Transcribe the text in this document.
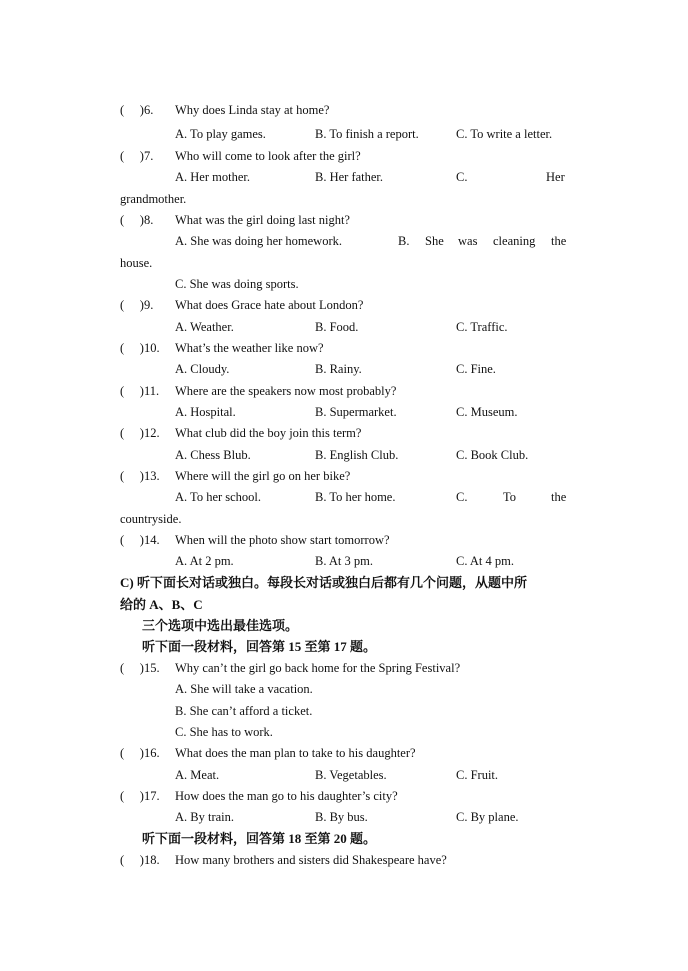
(  )6. Why does Linda stay at home?
A. To play games.	B. To finish a report.	C. To write a letter.
(  )7. Who will come to look after the girl?
A. Her mother.	B. Her father.	C.	Her
grandmother.
(  )8. What was the girl doing last night?
A. She was doing her homework.	B. She was cleaning the
house.
C. She was doing sports.
(  )9. What does Grace hate about London?
A. Weather.	B. Food.	C. Traffic.
(  )10. What’s the weather like now?
A. Cloudy.	B. Rainy.	C. Fine.
(  )11. Where are the speakers now most probably?
A. Hospital.	B. Supermarket.	C. Museum.
(  )12. What club did the boy join this term?
A. Chess Blub.	B. English Club.	C. Book Club.
(  )13. Where will the girl go on her bike?
A. To her school.	B. To her home.	C.	To	the
countryside.
(  )14. When will the photo show start tomorrow?
A. At 2 pm.	B. At 3 pm.	C. At 4 pm.
C) 听下面长对话或独白。每段长对话或独白后都有几个问题，从题中所
给的 A、B、C
三个选项中选出最佳选项。
听下面一段材料，回答第 15 至第 17 题。
(  )15. Why can’t the girl go back home for the Spring Festival?
A. She will take a vacation.
B. She can’t afford a ticket.
C. She has to work.
(  )16. What does the man plan to take to his daughter?
A. Meat.	B. Vegetables.	C. Fruit.
(  )17. How does the man go to his daughter’s city?
A. By train.	B. By bus.	C. By plane.
听下面一段材料，回答第 18 至第 20 题。
(  )18. How many brothers and sisters did Shakespeare have?
